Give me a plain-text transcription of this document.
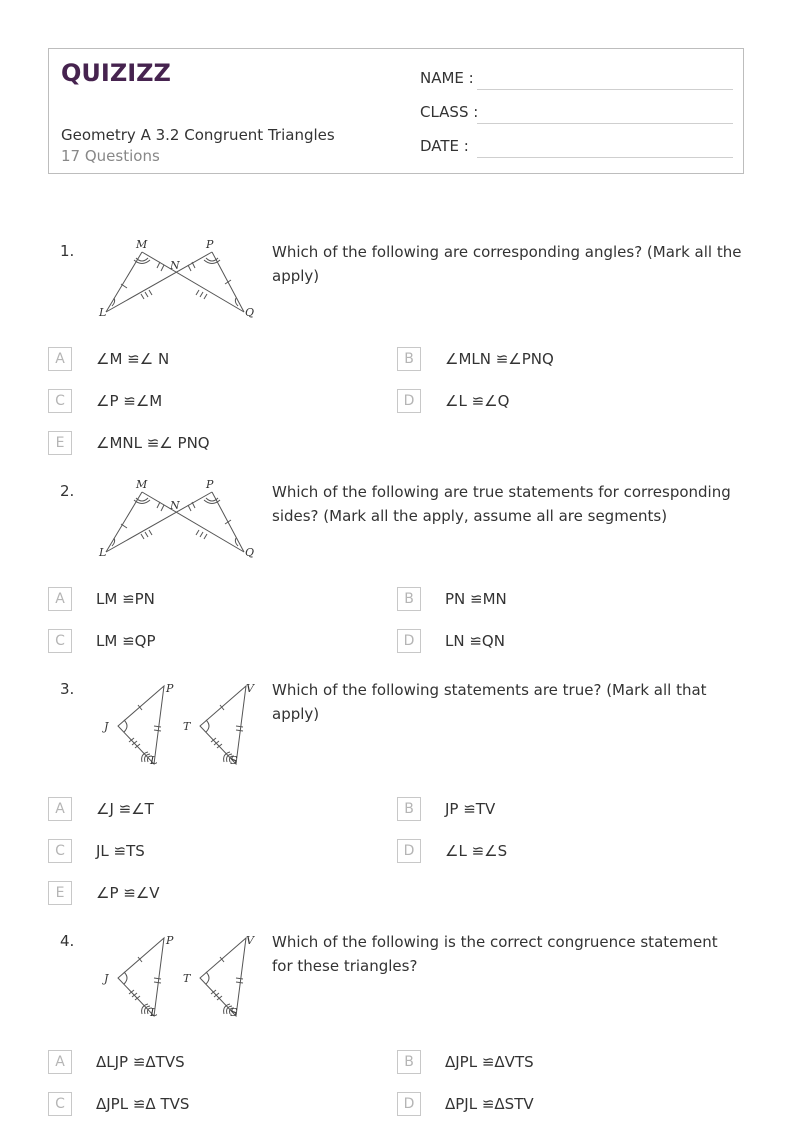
QUIZIZZ
Geometry A 3.2 Congruent Triangles
17 Questions
NAME :
CLASS :
DATE :
1.	M
N
P
L	Q
Which of the following are corresponding angles? (Mark all the apply)
A	∠M ≌∠ N	B	∠MLN ≌∠PNQ
C	∠P ≌∠M	D	∠L ≌∠Q
E	∠MNL ≌∠ PNQ
2.	M
N
P
L	Q
Which of the following are true statements for corresponding sides? (Mark all the apply, assume all are segments)
A	LM ≌PN	B	PN ≌MN
C	LM ≌QP	D	LN ≌QN
3.
J
P
L
T
V
S
Which of the following statements are true? (Mark all that apply)
A	∠J ≌∠T	B	JP ≌TV
C	JL ≌TS	D	∠L ≌∠S
E	∠P ≌∠V
4.
J
P
L
T
V
S
Which of the following is the correct congruence statement for these triangles?
A	ΔLJP ≌ΔTVS	B	ΔJPL ≌ΔVTS
C	ΔJPL ≌Δ TVS	D	ΔPJL ≌ΔSTV
